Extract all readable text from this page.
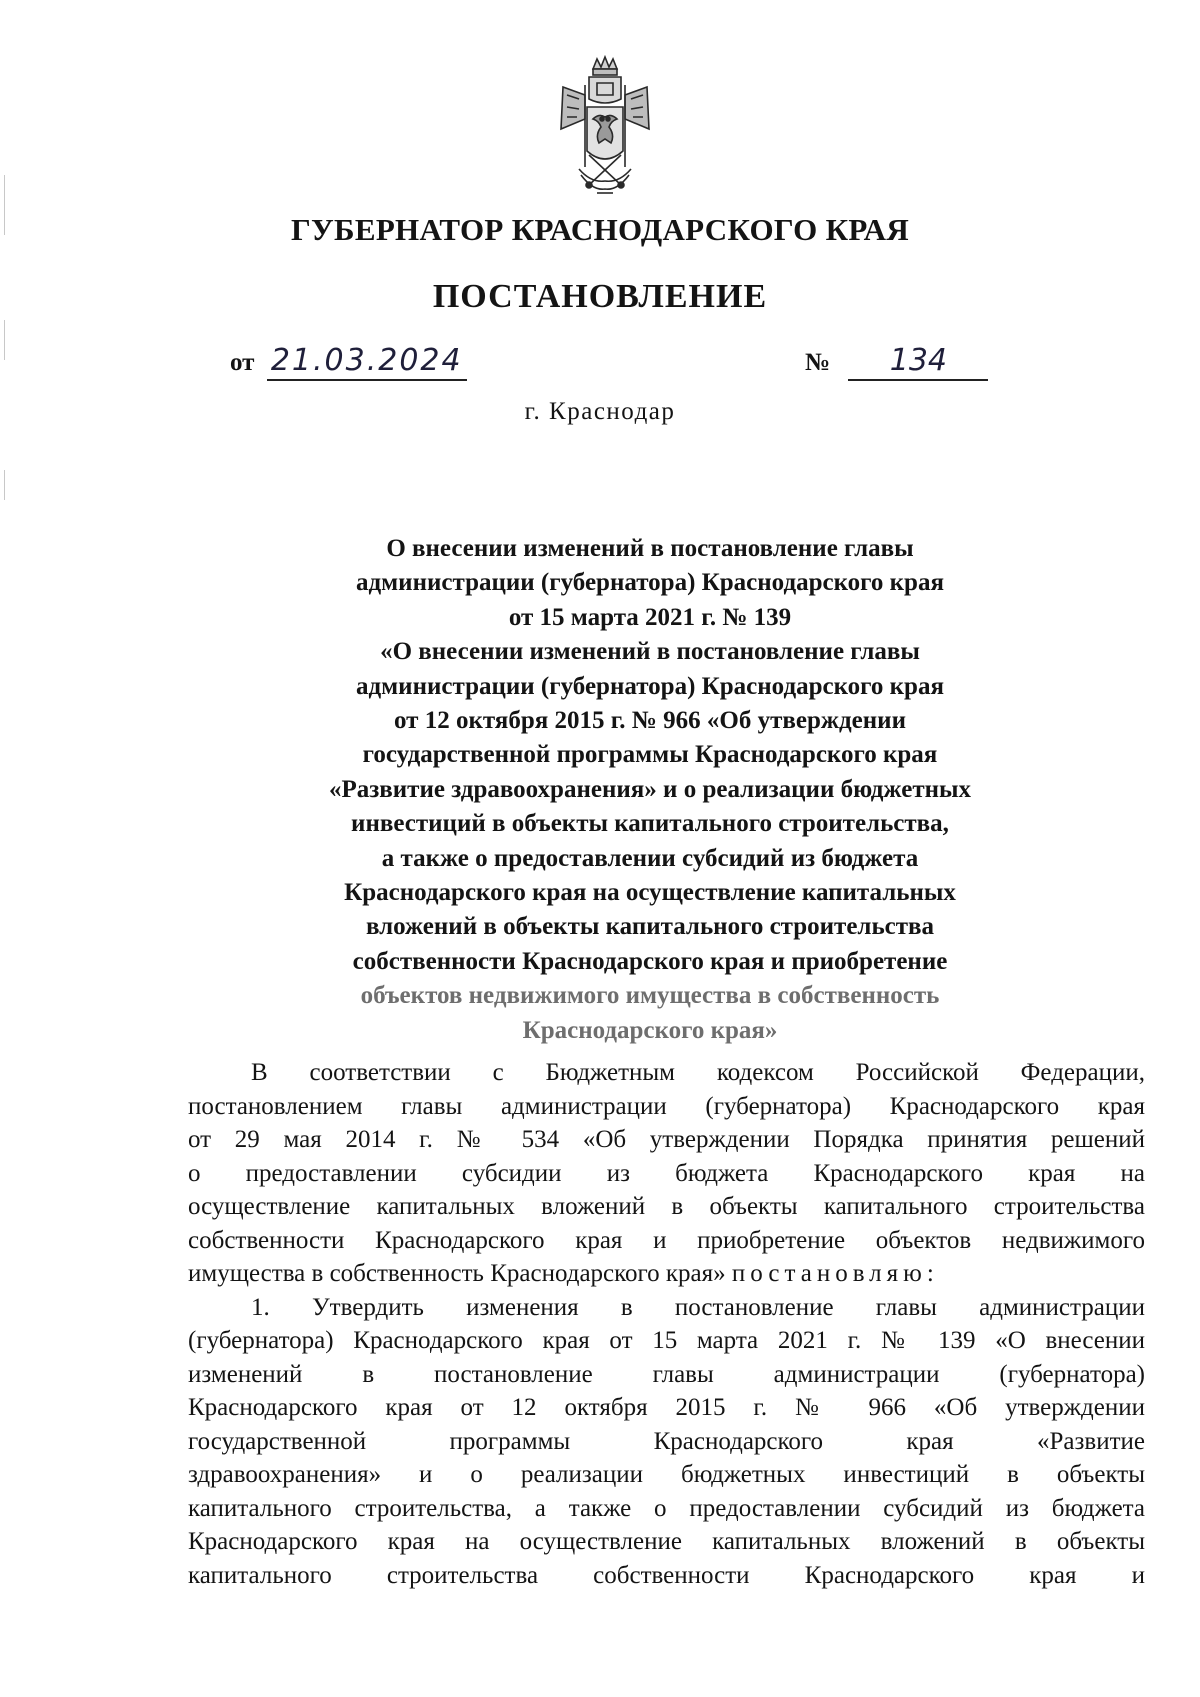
ГУБЕРНАТОР КРАСНОДАРСКОГО КРАЯ
ПОСТАНОВЛЕНИЕ
от 21.03.2024	№ 134
г. Краснодар
О внесении изменений в постановление главы
администрации (губернатора) Краснодарского края
от 15 марта 2021 г. № 139
«О внесении изменений в постановление главы
администрации (губернатора) Краснодарского края
от 12 октября 2015 г. № 966 «Об утверждении
государственной программы Краснодарского края
«Развитие здравоохранения» и о реализации бюджетных
инвестиций в объекты капитального строительства,
а также о предоставлении субсидий из бюджета
Краснодарского края на осуществление капитальных
вложений в объекты капитального строительства
собственности Краснодарского края и приобретение
объектов недвижимого имущества в собственность
Краснодарского края»
В соответствии с Бюджетным кодексом Российской Федерации,
постановлением главы администрации (губернатора) Краснодарского края
от 29 мая 2014 г. № 534 «Об утверждении Порядка принятия решений
о предоставлении субсидии из бюджета Краснодарского края на
осуществление капитальных вложений в объекты капитального строительства
собственности Краснодарского края и приобретение объектов недвижимого
имущества в собственность Краснодарского края» постановляю:
1. Утвердить изменения в постановление главы администрации
(губернатора) Краснодарского края от 15 марта 2021 г. № 139 «О внесении
изменений в постановление главы администрации (губернатора)
Краснодарского края от 12 октября 2015 г. № 966 «Об утверждении
государственной программы Краснодарского края «Развитие
здравоохранения» и о реализации бюджетных инвестиций в объекты
капитального строительства, а также о предоставлении субсидий из бюджета
Краснодарского края на осуществление капитальных вложений в объекты
капитального строительства собственности Краснодарского края и
